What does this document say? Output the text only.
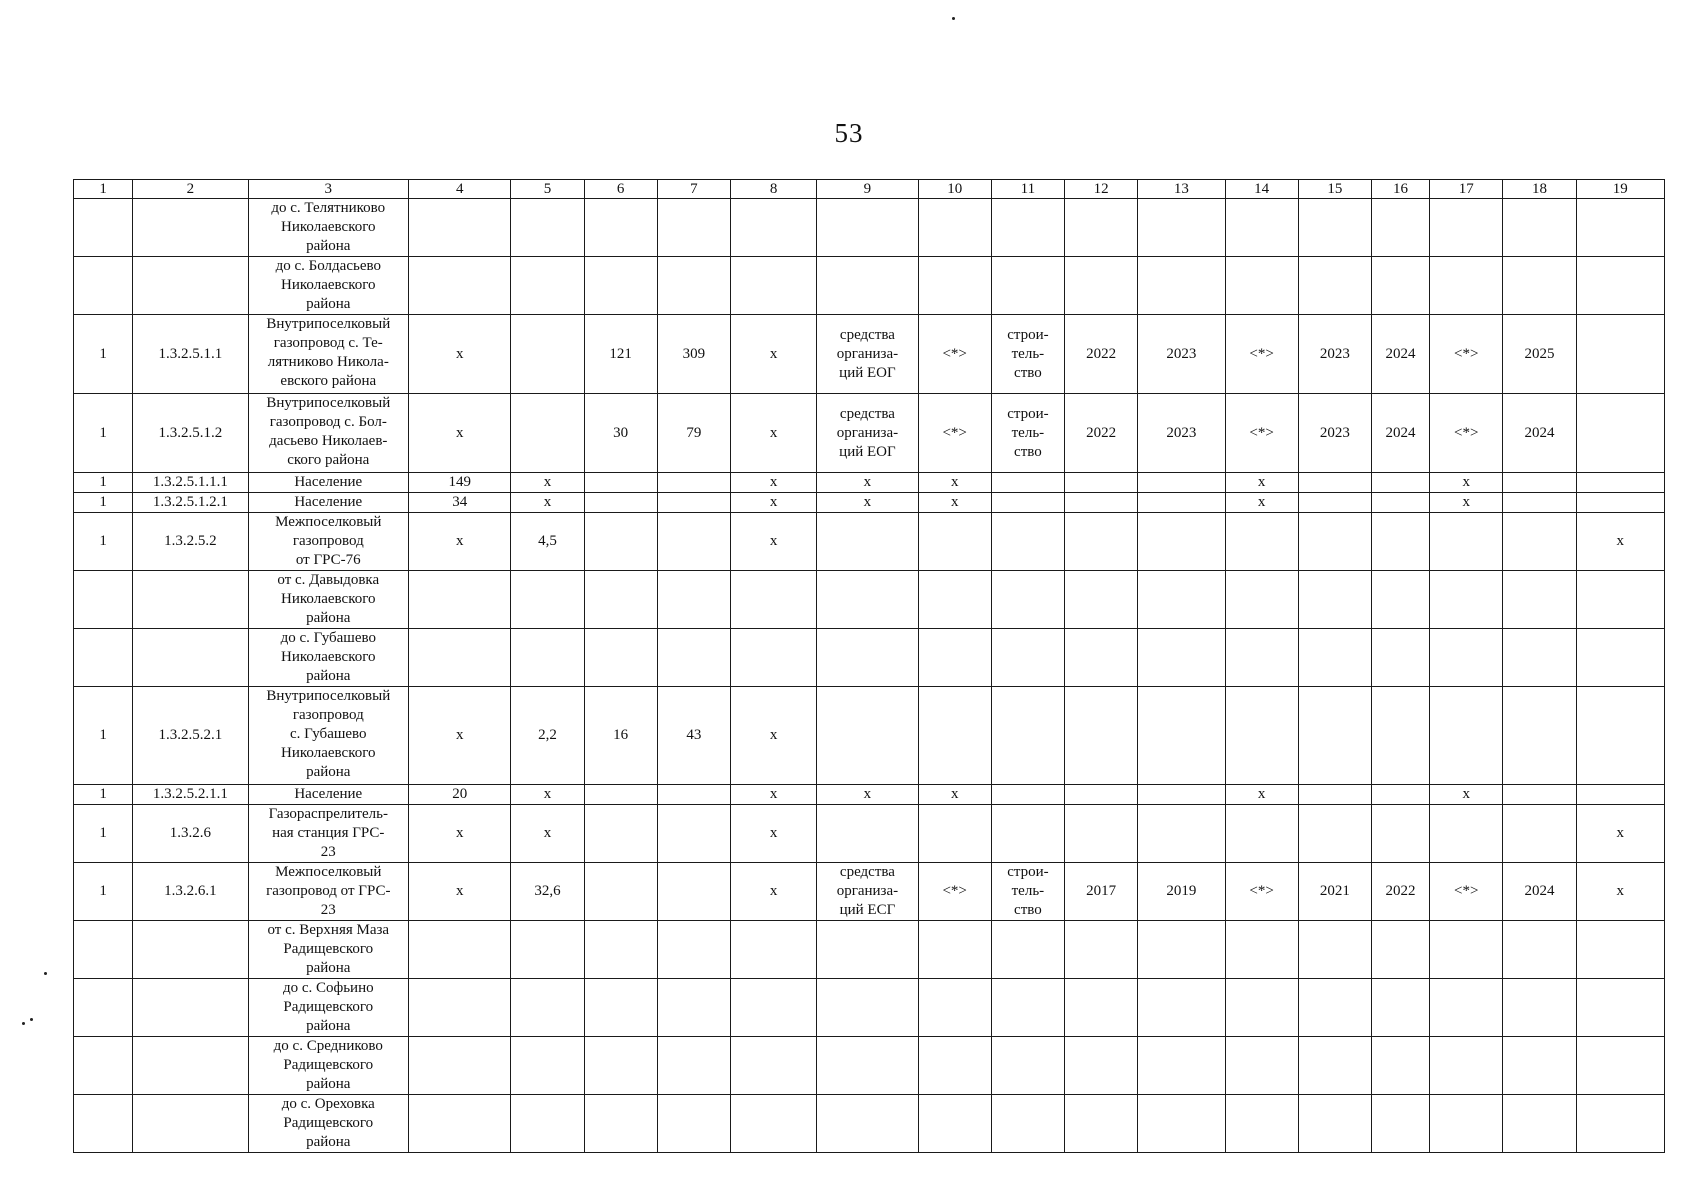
53
1	2	3	4	5	6	7	8	9	10	11	12	13	14	15	16	17	18	19
		до с. Телятниково
Николаевского
района																
		до с. Болдасьево
Николаевского
района																
1	1.3.2.5.1.1	Внутрипоселковый
газопровод с. Те-
лятниково Никола-
евского района	х		121	309	х	средства
организа-
ций ЕОГ	<*>	строи-
тель-
ство	2022	2023	<*>	2023	2024	<*>	2025	
1	1.3.2.5.1.2	Внутрипоселковый
газопровод с. Бол-
дасьево Николаев-
ского района	х		30	79	х	средства
организа-
ций ЕОГ	<*>	строи-
тель-
ство	2022	2023	<*>	2023	2024	<*>	2024	
1	1.3.2.5.1.1.1	Население	149	х			х	х	х				х			х		
1	1.3.2.5.1.2.1	Население	34	х			х	х	х				х			х		
1	1.3.2.5.2	Межпоселковый
газопровод
от ГРС-76	х	4,5			х											х
		от с. Давыдовка
Николаевского
района																
		до с. Губашево
Николаевского
района																
1	1.3.2.5.2.1	Внутрипоселковый
газопровод
с. Губашево
Николаевского
района	х	2,2	16	43	х											
1	1.3.2.5.2.1.1	Население	20	х			х	х	х				х			х		
1	1.3.2.6	Газораспрелитель-
ная станция ГРС-
23	х	х			х											х
1	1.3.2.6.1	Межпоселковый
газопровод от ГРС-
23	х	32,6			х	средства
организа-
ций ЕСГ	<*>	строи-
тель-
ство	2017	2019	<*>	2021	2022	<*>	2024	х
		от с. Верхняя Маза
Радищевского
района																
		до с. Софьино
Радищевского
района																
		до с. Средниково
Радищевского
района																
		до с. Ореховка
Радищевского
района																
